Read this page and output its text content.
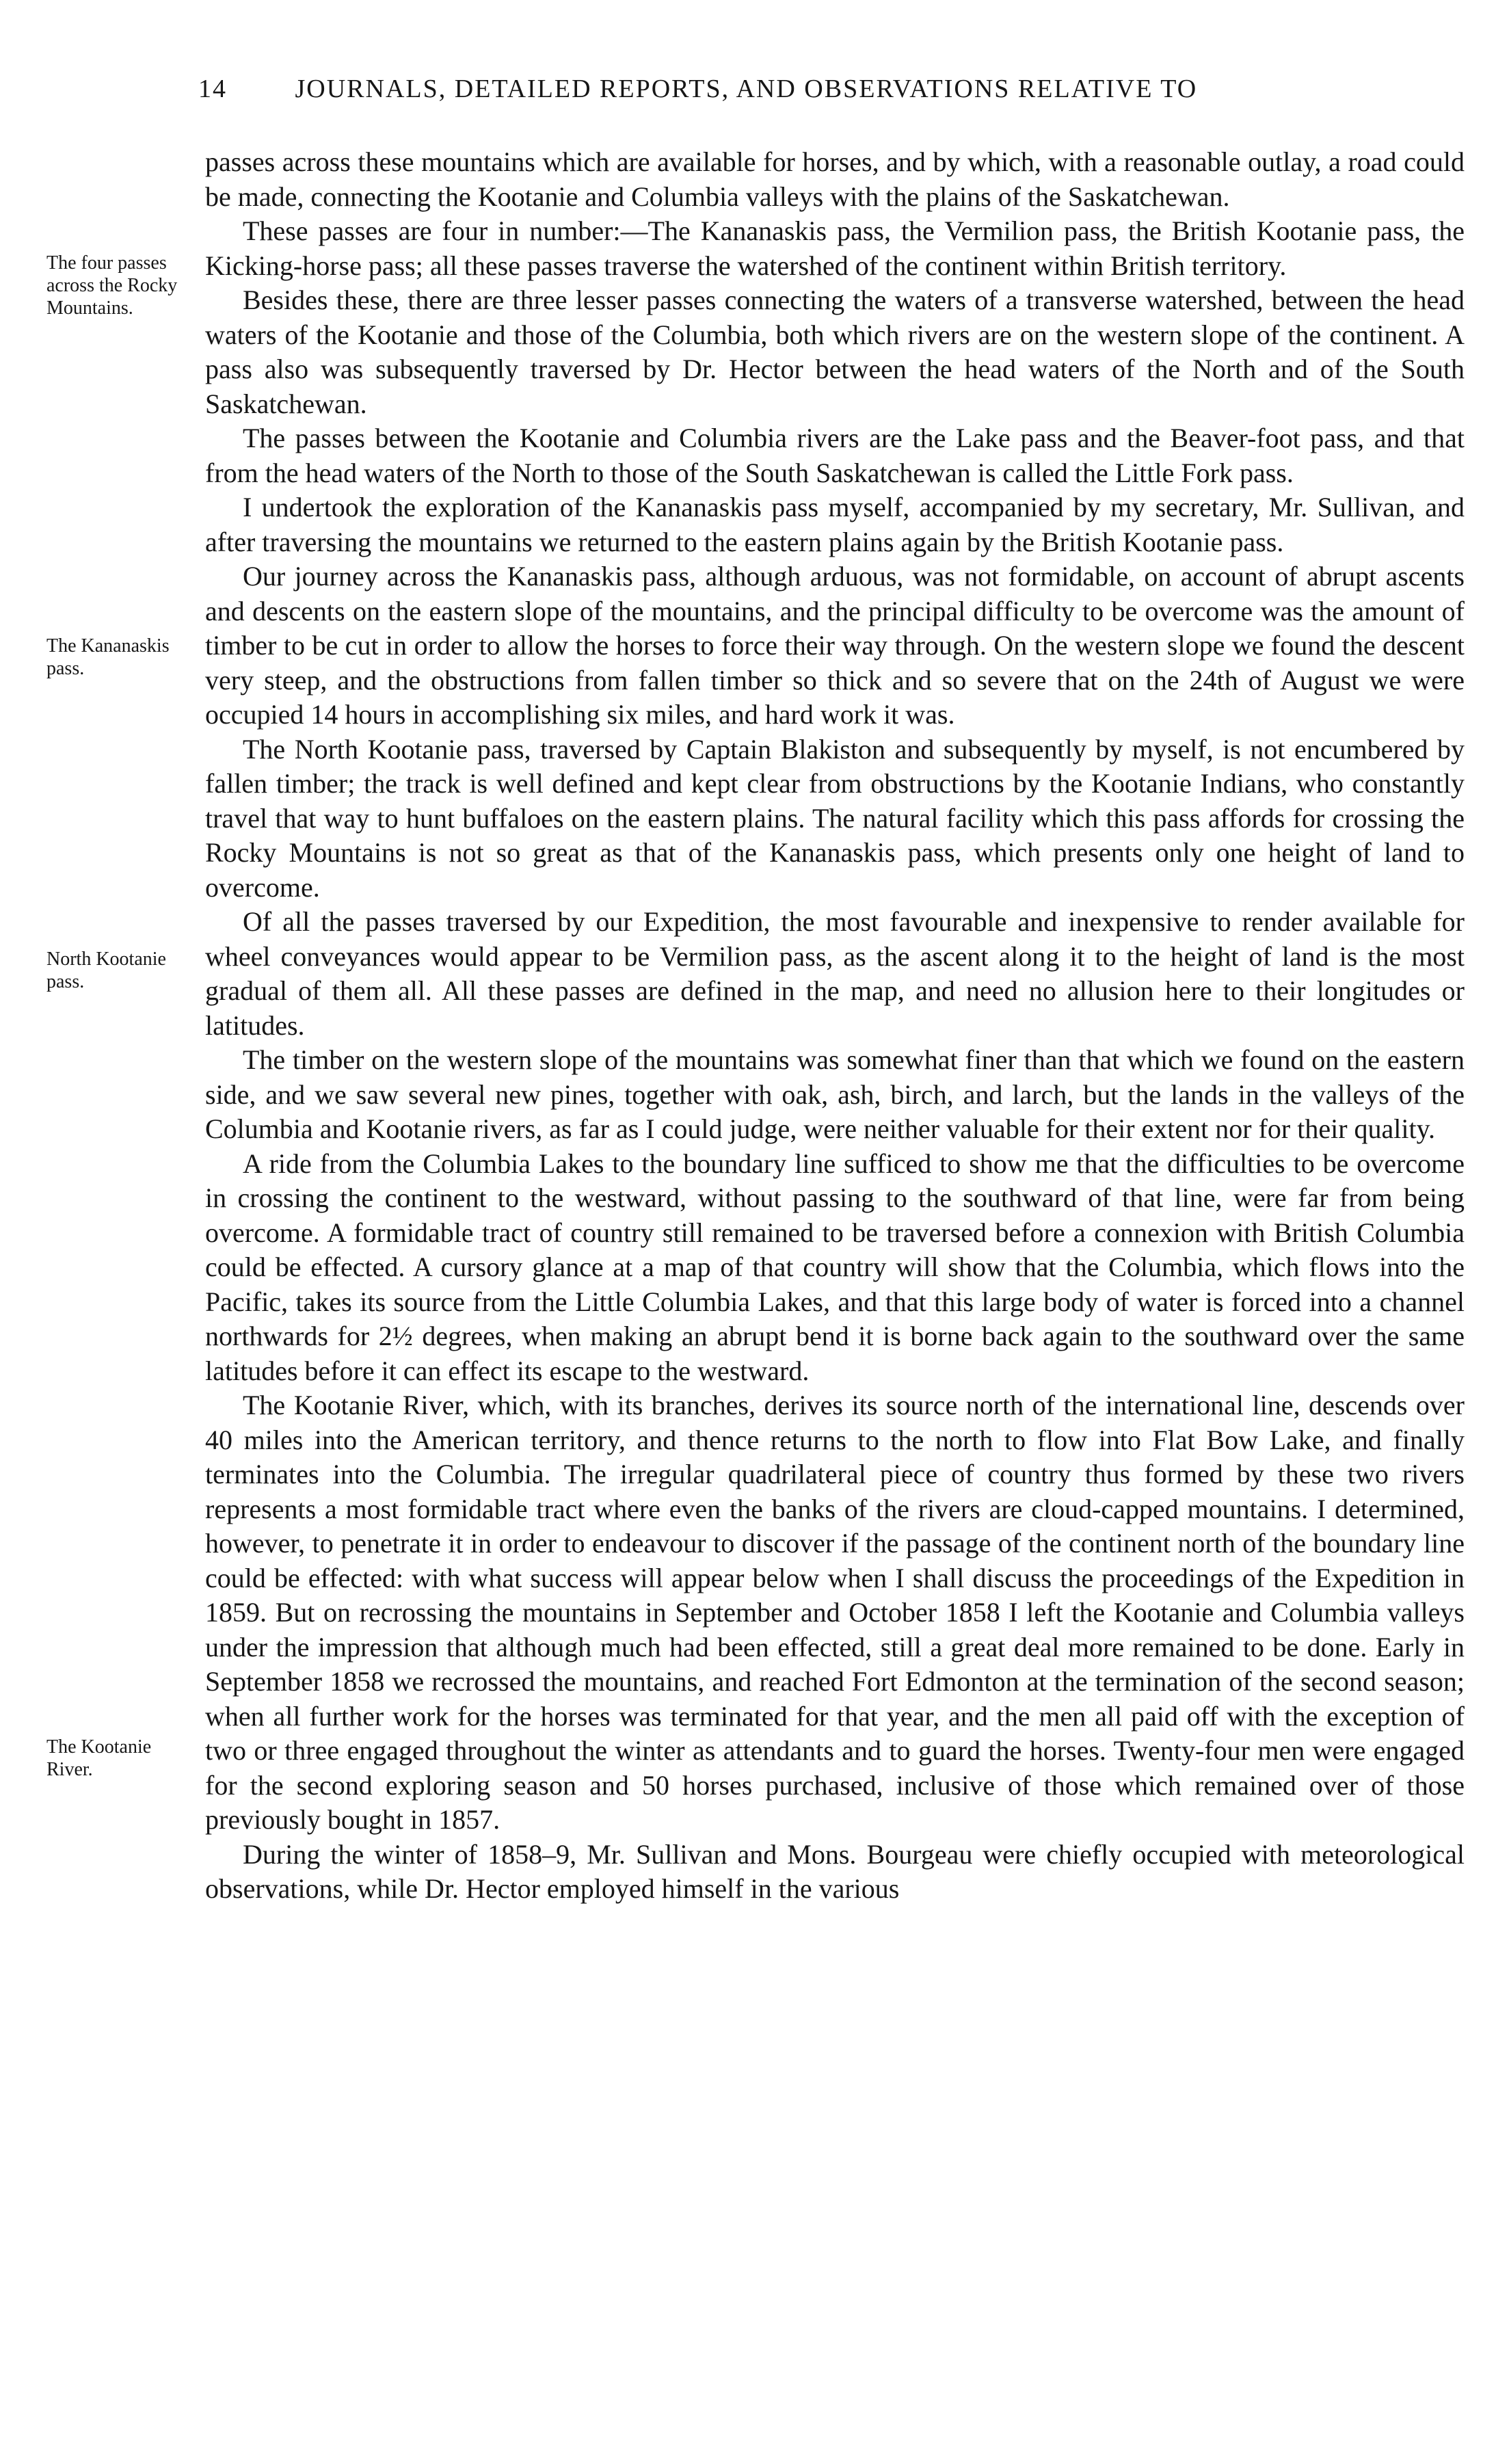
14	JOURNALS, DETAILED REPORTS, AND OBSERVATIONS RELATIVE TO
The four passes across the Rocky Mountains.
The Kananaskis pass.
North Kootanie pass.
The Kootanie River.

passes across these mountains which are available for horses, and by which, with a reasonable outlay, a road could be made, connecting the Kootanie and Columbia valleys with the plains of the Saskatchewan.

These passes are four in number:—The Kananaskis pass, the Vermilion pass, the British Kootanie pass, the Kicking-horse pass; all these passes traverse the watershed of the continent within British territory.

Besides these, there are three lesser passes connecting the waters of a transverse watershed, between the head waters of the Kootanie and those of the Columbia, both which rivers are on the western slope of the continent. A pass also was subsequently traversed by Dr. Hector between the head waters of the North and of the South Saskatchewan.

The passes between the Kootanie and Columbia rivers are the Lake pass and the Beaver-foot pass, and that from the head waters of the North to those of the South Saskatchewan is called the Little Fork pass.

I undertook the exploration of the Kananaskis pass myself, accompanied by my secretary, Mr. Sullivan, and after traversing the mountains we returned to the eastern plains again by the British Kootanie pass.

Our journey across the Kananaskis pass, although arduous, was not formidable, on account of abrupt ascents and descents on the eastern slope of the mountains, and the principal difficulty to be overcome was the amount of timber to be cut in order to allow the horses to force their way through. On the western slope we found the descent very steep, and the obstructions from fallen timber so thick and so severe that on the 24th of August we were occupied 14 hours in accomplishing six miles, and hard work it was.

The North Kootanie pass, traversed by Captain Blakiston and subsequently by myself, is not encumbered by fallen timber; the track is well defined and kept clear from obstructions by the Kootanie Indians, who constantly travel that way to hunt buffaloes on the eastern plains. The natural facility which this pass affords for crossing the Rocky Mountains is not so great as that of the Kananaskis pass, which presents only one height of land to overcome.

Of all the passes traversed by our Expedition, the most favourable and inexpensive to render available for wheel conveyances would appear to be Vermilion pass, as the ascent along it to the height of land is the most gradual of them all. All these passes are defined in the map, and need no allusion here to their longitudes or latitudes.

The timber on the western slope of the mountains was somewhat finer than that which we found on the eastern side, and we saw several new pines, together with oak, ash, birch, and larch, but the lands in the valleys of the Columbia and Kootanie rivers, as far as I could judge, were neither valuable for their extent nor for their quality.

A ride from the Columbia Lakes to the boundary line sufficed to show me that the difficulties to be overcome in crossing the continent to the westward, without passing to the southward of that line, were far from being overcome. A formidable tract of country still remained to be traversed before a connexion with British Columbia could be effected. A cursory glance at a map of that country will show that the Columbia, which flows into the Pacific, takes its source from the Little Columbia Lakes, and that this large body of water is forced into a channel northwards for 2½ degrees, when making an abrupt bend it is borne back again to the southward over the same latitudes before it can effect its escape to the westward.

The Kootanie River, which, with its branches, derives its source north of the international line, descends over 40 miles into the American territory, and thence returns to the north to flow into Flat Bow Lake, and finally terminates into the Columbia. The irregular quadrilateral piece of country thus formed by these two rivers represents a most formidable tract where even the banks of the rivers are cloud-capped mountains. I determined, however, to penetrate it in order to endeavour to discover if the passage of the continent north of the boundary line could be effected: with what success will appear below when I shall discuss the proceedings of the Expedition in 1859. But on recrossing the mountains in September and October 1858 I left the Kootanie and Columbia valleys under the impression that although much had been effected, still a great deal more remained to be done. Early in September 1858 we recrossed the mountains, and reached Fort Edmonton at the termination of the second season; when all further work for the horses was terminated for that year, and the men all paid off with the exception of two or three engaged throughout the winter as attendants and to guard the horses. Twenty-four men were engaged for the second exploring season and 50 horses purchased, inclusive of those which remained over of those previously bought in 1857.

During the winter of 1858–9, Mr. Sullivan and Mons. Bourgeau were chiefly occupied with meteorological observations, while Dr. Hector employed himself in the various
